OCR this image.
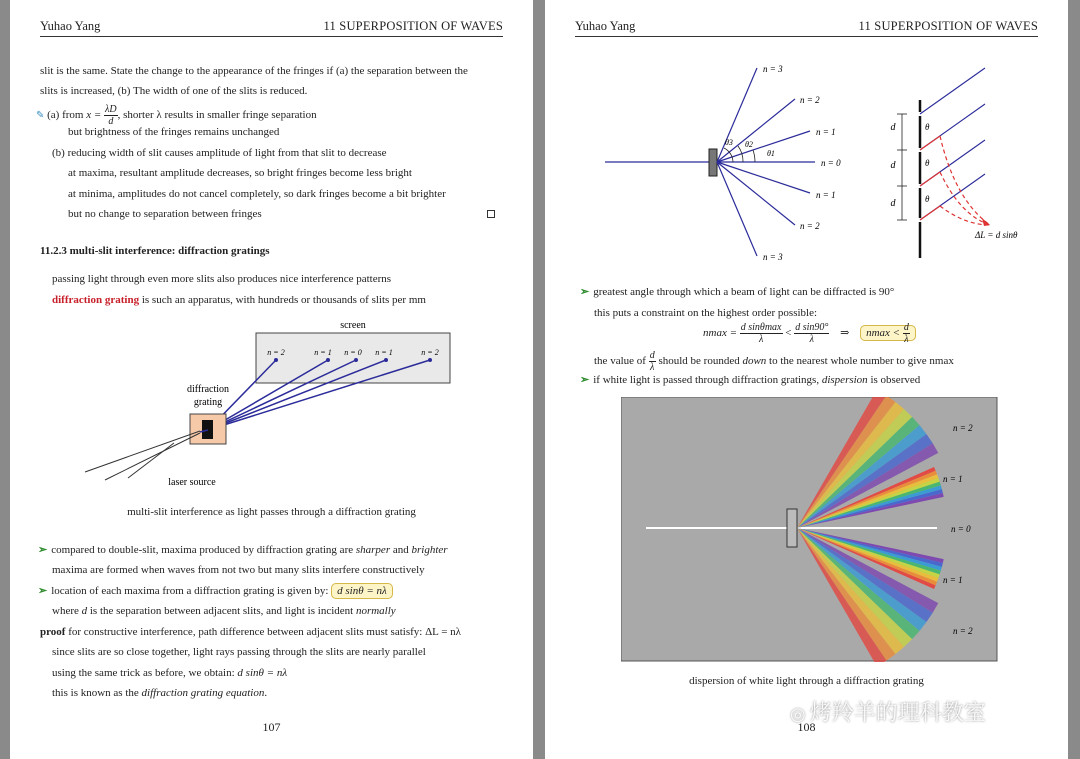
Yuhao Yang	11 SUPERPOSITION OF WAVES
slit is the same. State the change to the appearance of the fringes if (a) the separation between the
slits is increased, (b) The width of one of the slits is reduced.
✎ (a) from $x = \frac{\lambda D}{d}$ , shorter λ results in smaller fringe separation
but brightness of the fringes remains unchanged
(b) reducing width of slit causes amplitude of light from that slit to decrease
at maxima, resultant amplitude decreases, so bright fringes become less bright
at minima, amplitudes do not cancel completely, so dark fringes become a bit brighter
but no change to separation between fringes
11.2.3 multi-slit interference: diffraction gratings
passing light through even more slits also produces nice interference patterns
diffraction grating is such an apparatus, with hundreds or thousands of slits per mm
screen
n = 2	n = 1 n = 0 n = 1	n = 2
diffraction
grating
laser source
multi-slit interference as light passes through a diffraction grating
➢ compared to double-slit, maxima produced by diffraction grating are sharper and brighter
maxima are formed when waves from not two but many slits interfere constructively
➢ location of each maxima from a diffraction grating is given by: d sinθ = nλ
where d is the separation between adjacent slits, and light is incident normally
proof for constructive interference, path difference between adjacent slits must satisfy: ΔL = nλ
since slits are so close together, light rays passing through the slits are nearly parallel
using the same trick as before, we obtain: d sinθ = nλ
this is known as the diffraction grating equation.
107
Yuhao Yang	11 SUPERPOSITION OF WAVES
n = 3
n = 2
n = 1
n = 0
n = 1
n = 2
n = 3
θ3 θ2
θ1
d
d
d
θ
θ
θ
ΔL = d sinθ
➢ greatest angle through which a beam of light can be diffracted is 90°
this puts a constraint on the highest order possible:
$nmax = \frac{\text{d sinθmax}}{\lambda} < \frac{\text{d sin90°}}{\lambda}$ ⇒ $nmax < \frac{d}{\lambda}$
the value of $\frac{d}{\lambda}$ should be rounded down to the nearest whole number to give nmax
➢ if white light is passed through diffraction gratings, dispersion is observed
n = 2
n = 1
n = 0
n = 1
n = 2
dispersion of white light through a diffraction grating
108
◎ 烤羚羊的理科教室
